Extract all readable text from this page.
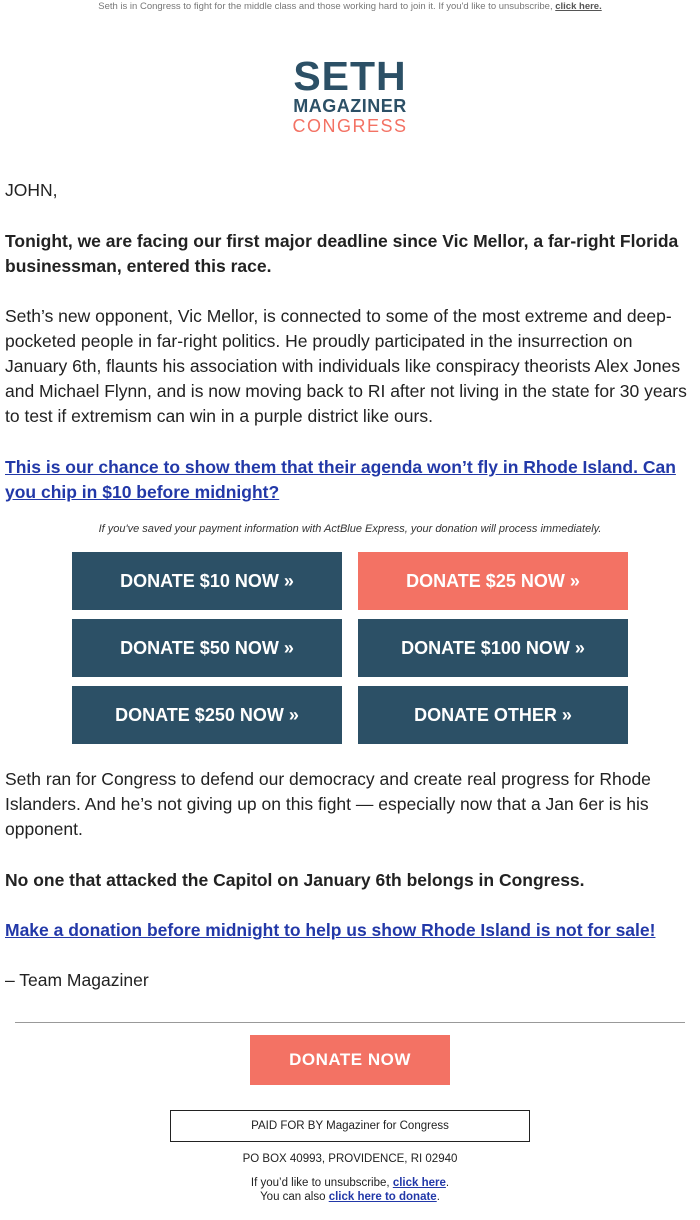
Seth is in Congress to fight for the middle class and those working hard to join it. If you'd like to unsubscribe, click here.
SETH
MAGAZINER
CONGRESS
JOHN,
Tonight, we are facing our first major deadline since Vic Mellor, a far-right Florida businessman, entered this race.
Seth’s new opponent, Vic Mellor, is connected to some of the most extreme and deep-pocketed people in far-right politics. He proudly participated in the insurrection on January 6th, flaunts his association with individuals like conspiracy theorists Alex Jones and Michael Flynn, and is now moving back to RI after not living in the state for 30 years to test if extremism can win in a purple district like ours.
This is our chance to show them that their agenda won’t fly in Rhode Island. Can you chip in $10 before midnight?
If you've saved your payment information with ActBlue Express, your donation will process immediately.
DONATE $10 NOW »	DONATE $25 NOW »
DONATE $50 NOW »	DONATE $100 NOW »
DONATE $250 NOW »	DONATE OTHER »
Seth ran for Congress to defend our democracy and create real progress for Rhode Islanders. And he’s not giving up on this fight — especially now that a Jan 6er is his opponent.
No one that attacked the Capitol on January 6th belongs in Congress.
Make a donation before midnight to help us show Rhode Island is not for sale!
– Team Magaziner
DONATE NOW
PAID FOR BY Magaziner for Congress
PO BOX 40993, PROVIDENCE, RI 02940
If you’d like to unsubscribe, click here.
You can also click here to donate.
